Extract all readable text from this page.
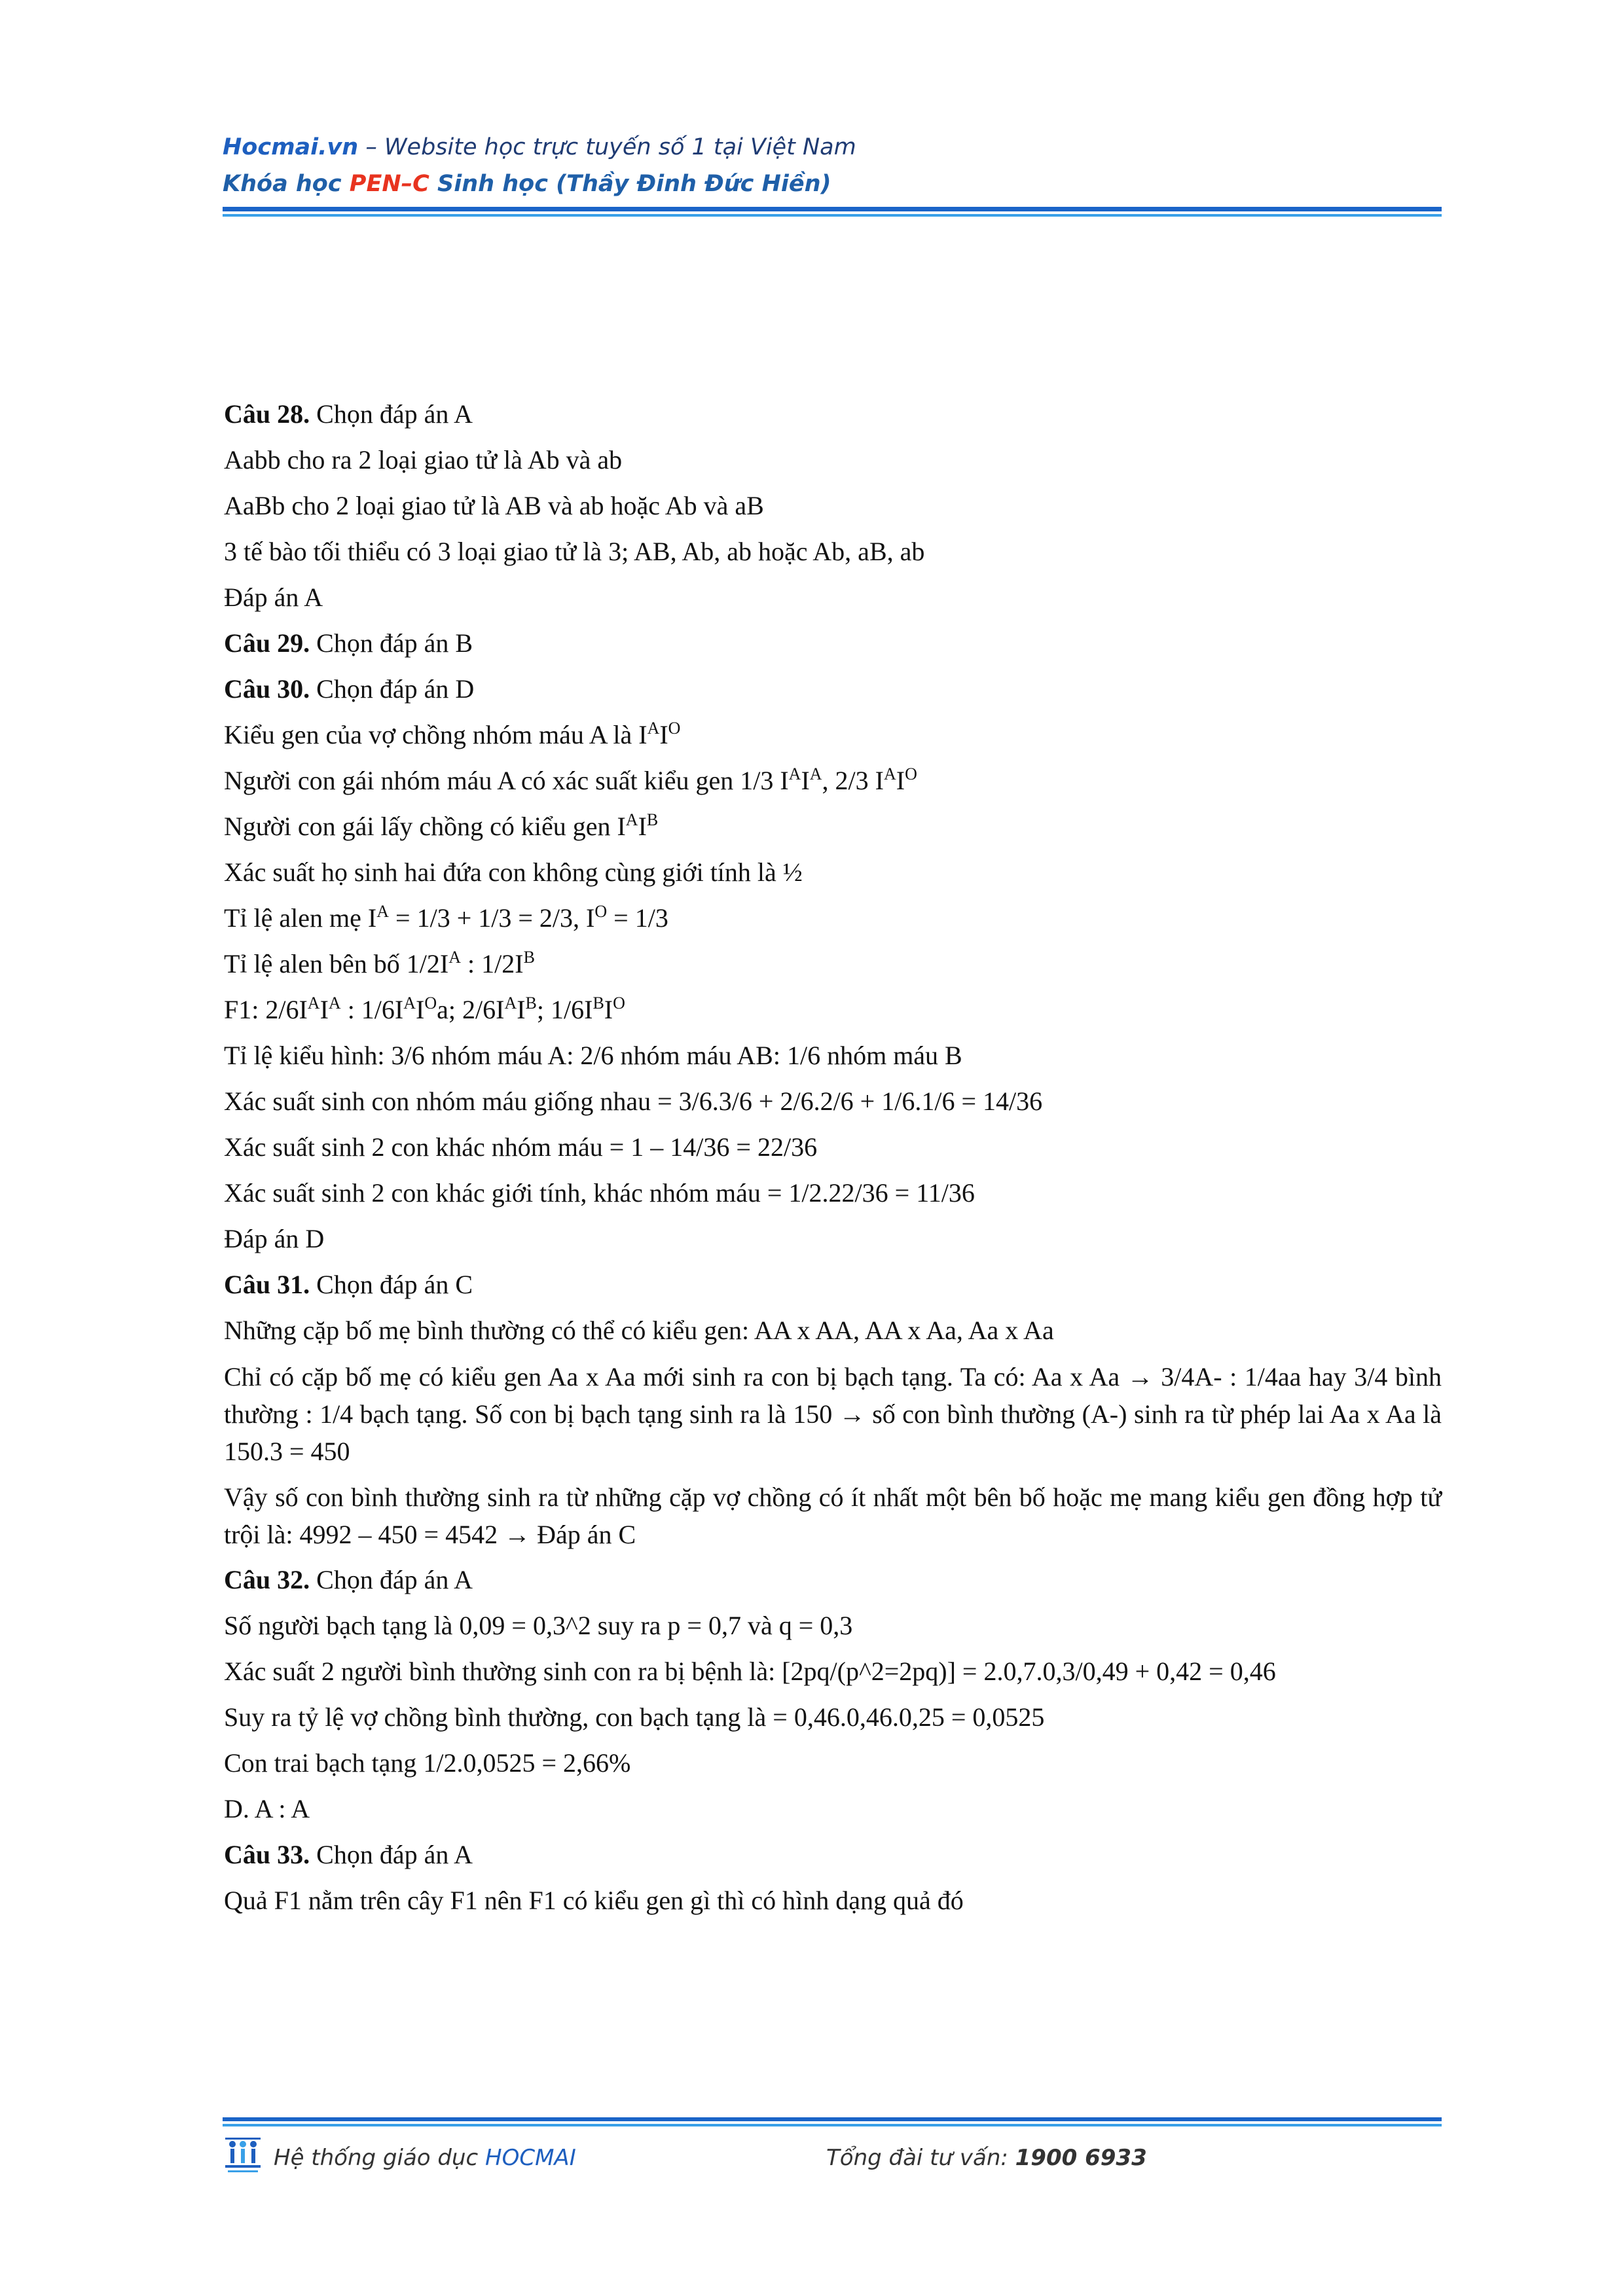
Hocmai.vn – Website học trực tuyến số 1 tại Việt Nam
Khóa học PEN–C Sinh học (Thầy Đinh Đức Hiền)
Câu 28. Chọn đáp án A
Aabb cho ra 2 loại giao tử là Ab và ab
AaBb cho 2 loại giao tử là AB và ab hoặc Ab và aB
3 tế bào tối thiểu có 3 loại giao tử là 3; AB, Ab, ab hoặc Ab, aB, ab
Đáp án A
Câu 29. Chọn đáp án B
Câu 30. Chọn đáp án D
Kiểu gen của vợ chồng nhóm máu A là $I^AI^O$
Người con gái nhóm máu A có xác suất kiểu gen 1/3 $I^AI^A$, 2/3 $I^AI^O$
Người con gái lấy chồng có kiểu gen $I^AI^B$
Xác suất họ sinh hai đứa con không cùng giới tính là ½
Tỉ lệ alen mẹ $I^A = 1/3 + 1/3 = 2/3$, $I^O = 1/3$
Tỉ lệ alen bên bố $1/2I^A$ : $1/2I^B$
F1: $2/6I^AI^A$ : $1/6I^AI^Oa$; $2/6I^AI^B$; $1/6I^BI^O$
Tỉ lệ kiểu hình: 3/6 nhóm máu A: 2/6 nhóm máu AB: 1/6 nhóm máu B
Xác suất sinh con nhóm máu giống nhau = 3/6.3/6 + 2/6.2/6 + 1/6.1/6 = 14/36
Xác suất sinh 2 con khác nhóm máu = 1 – 14/36 = 22/36
Xác suất sinh 2 con khác giới tính, khác nhóm máu = 1/2.22/36 = 11/36
Đáp án D
Câu 31. Chọn đáp án C
Những cặp bố mẹ bình thường có thể có kiểu gen: AA x AA, AA x Aa, Aa x Aa
Chỉ có cặp bố mẹ có kiểu gen Aa x Aa mới sinh ra con bị bạch tạng. Ta có: Aa x Aa → 3/4A- : 1/4aa hay 3/4 bình thường : 1/4 bạch tạng. Số con bị bạch tạng sinh ra là 150 → số con bình thường (A-) sinh ra từ phép lai Aa x Aa là 150.3 = 450
Vậy số con bình thường sinh ra từ những cặp vợ chồng có ít nhất một bên bố hoặc mẹ mang kiểu gen đồng hợp tử trội là: 4992 – 450 = 4542 → Đáp án C
Câu 32. Chọn đáp án A
Số người bạch tạng là 0,09 = 0,3^2 suy ra p = 0,7 và q = 0,3
Xác suất 2 người bình thường sinh con ra bị bệnh là: [2pq/(p^2=2pq)] = 2.0,7.0,3/0,49 + 0,42 = 0,46
Suy ra tỷ lệ vợ chồng bình thường, con bạch tạng là = 0,46.0,46.0,25 = 0,0525
Con trai bạch tạng 1/2.0,0525 = 2,66%
D. A : A
Câu 33. Chọn đáp án A
Quả F1 nằm trên cây F1 nên F1 có kiểu gen gì thì có hình dạng quả đó
Hệ thống giáo dục HOCMAI	Tổng đài tư vấn: 1900 6933
